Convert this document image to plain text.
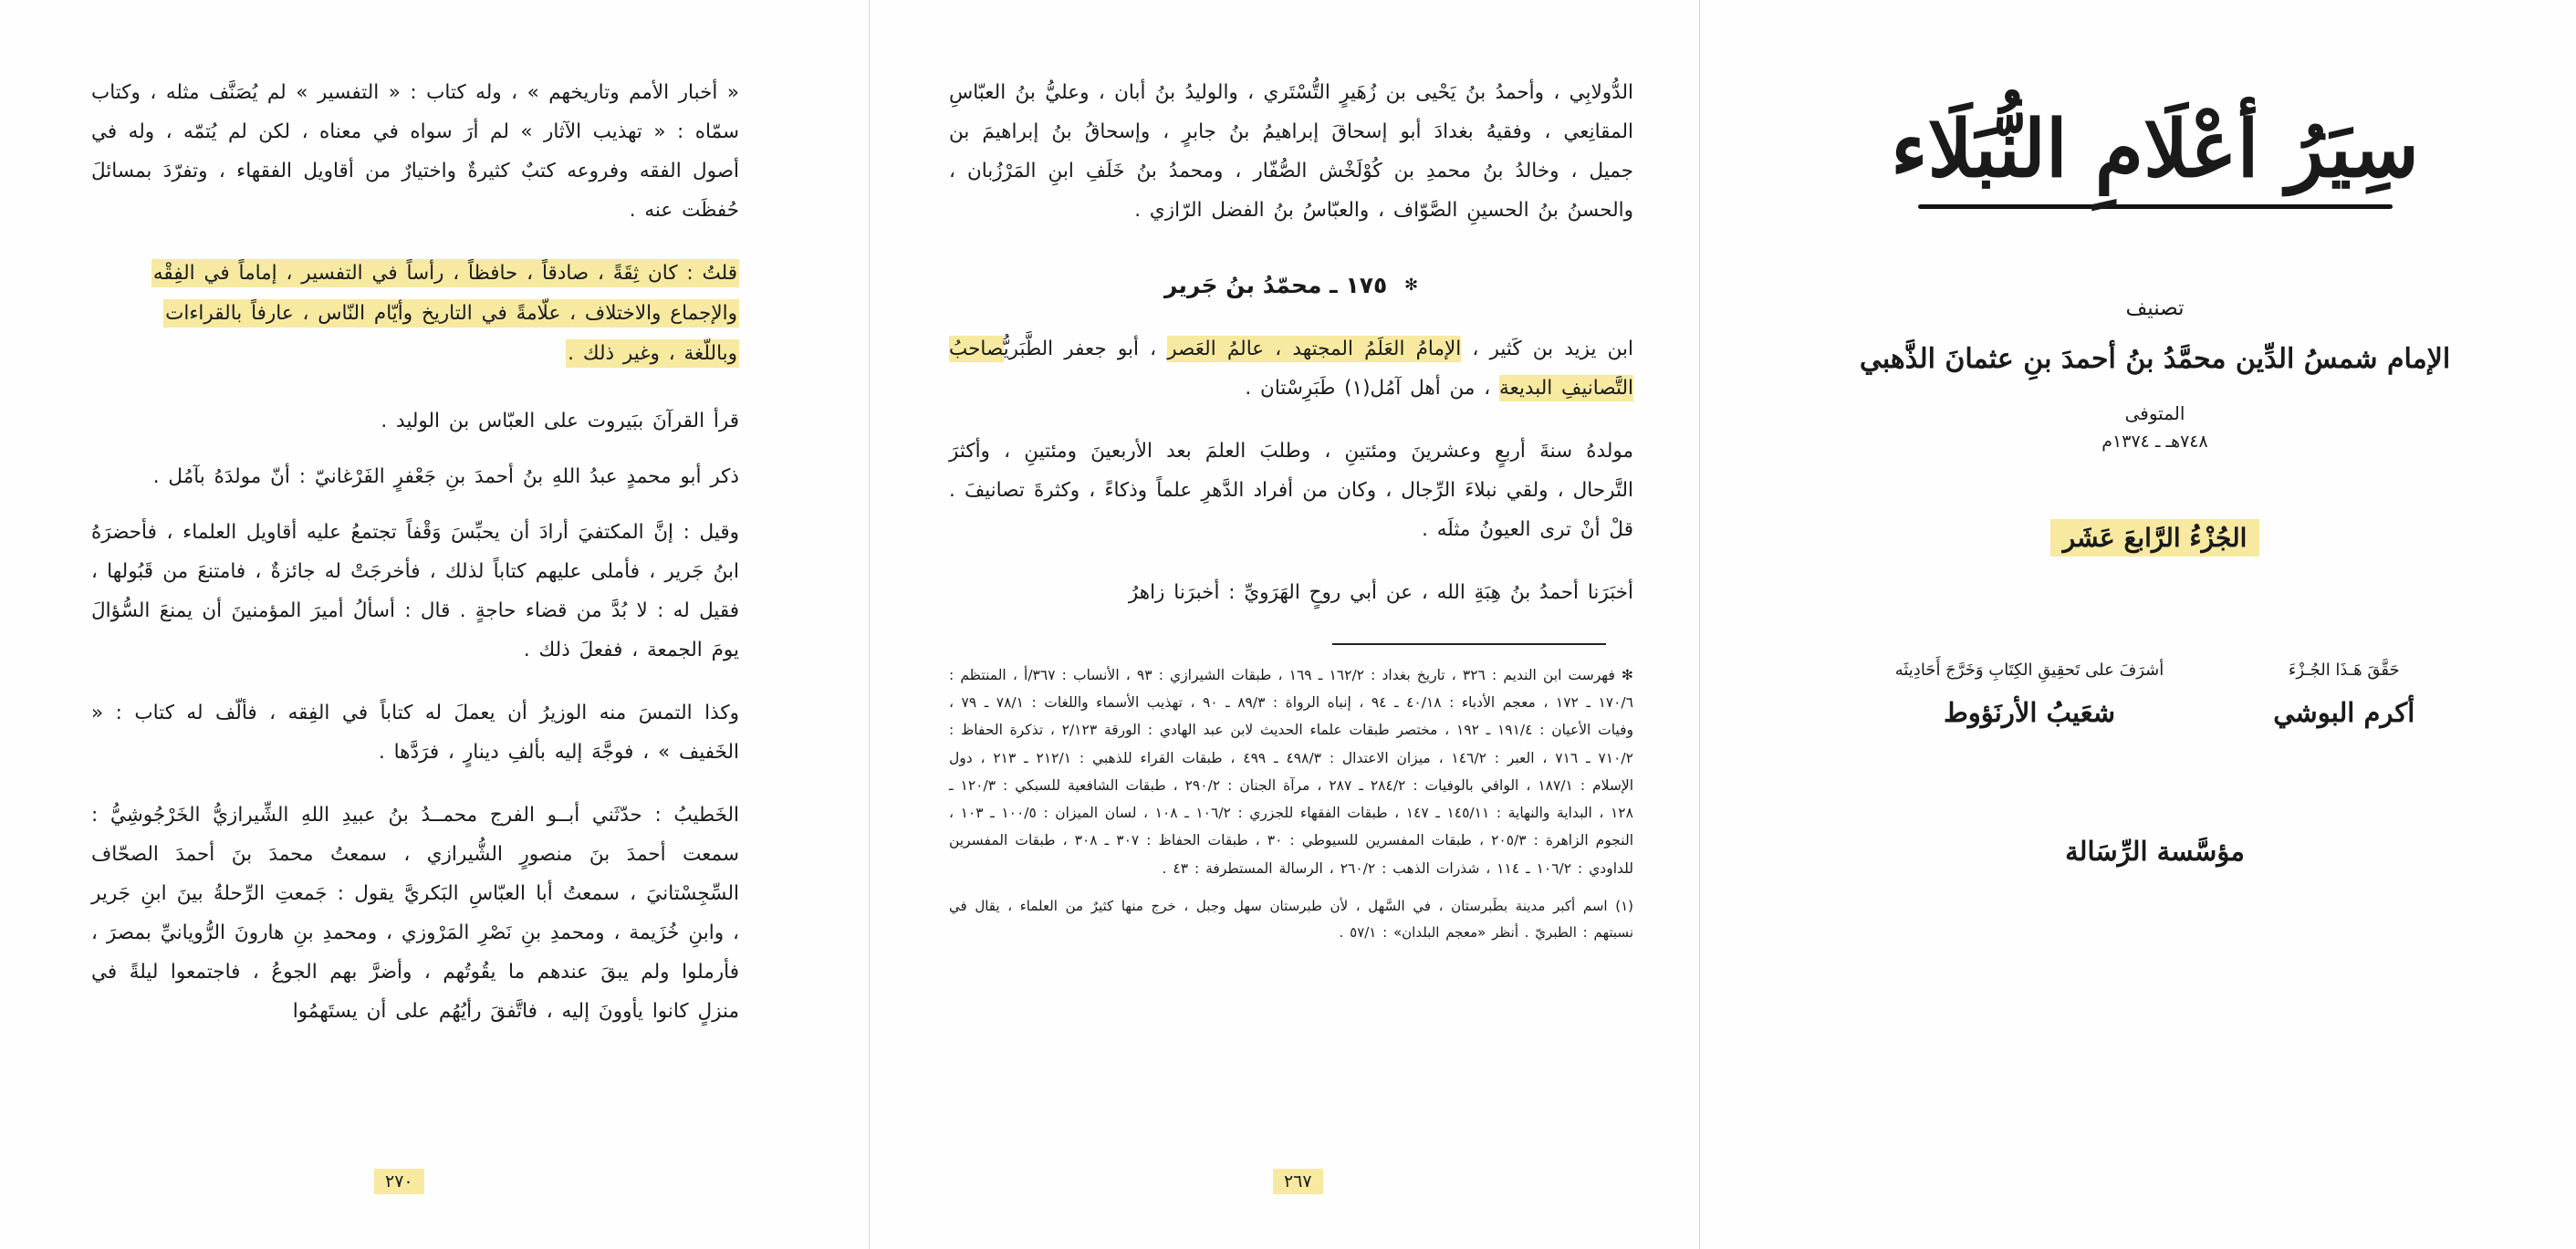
« أخبار الأمم وتاريخهم » ، وله كتاب : « التفسير » لم يُصَنَّف مثله ، وكتاب سمّاه : « تهذيب الآثار » لم أرَ سواه في معناه ، لكن لم يُتمّه ، وله في أصول الفقه وفروعه كتبٌ كثيرةٌ واختيارٌ من أقاويل الفقهاء ، وتفرّدَ بمسائلَ حُفظَت عنه .

قلتُ : كان ثِقَةً ، صادقاً ، حافظاً ، رأساً في التفسير ، إماماً في الفِقْه
والإجماع والاختلاف ، علّامةً في التاريخ وأيّام النّاس ، عارفاً بالقراءات
وباللّغة ، وغير ذلك .

قرأ القرآنَ ببَيروت على العبّاس بن الوليد .

ذكر أبو محمدٍ عبدُ اللهِ بنُ أحمدَ بنِ جَعْفرٍ الفَرْغانيّ : أنّ مولدَهُ بآمُل .

وقيل : إنَّ المكتفيَ أرادَ أن يحبِّسَ وَقْفاً تجتمعُ عليه أقاويل العلماء ، فأحضرَهُ ابنُ جَرير ، فأملى عليهم كتاباً لذلك ، فأخرجَتْ له جائزةٌ ، فامتنعَ من قَبُولها ، فقيل له : لا بُدَّ من قضاء حاجةٍ . قال : أسألُ أميرَ المؤمنينَ أن يمنعَ السُّؤالَ يومَ الجمعة ، ففعلَ ذلك .

وكذا التمسَ منه الوزيرُ أن يعملَ له كتاباً في الفِقه ، فألّف له كتاب : « الخَفيف » ، فوجَّهَ إليه بألفِ دينارٍ ، فرَدَّها .

الخَطيبُ : حدّثَني أبــو الفرج محمــدُ بنُ عبيدِ اللهِ الشِّيرازيُّ الخَرْجُوشِيُّ : سمعت أحمدَ بنَ منصورٍ الشُّيرازي ، سمعتُ محمدَ بنَ أحمدَ الصحّاف السِّجِسْتانيَ ، سمعتُ أبا العبّاسِ البَكريَّ يقول : جَمعتِ الرِّحلةُ بينَ ابنِ جَرير ، وابنِ خُزَيمة ، ومحمدِ بنِ نَصْرِ المَرْوزي ، ومحمدِ بنِ هارونَ الرُّويانيِّ بمصرَ ، فأرملوا ولم يبقَ عندهم ما يقُوتُهم ، وأضرَّ بهم الجوعُ ، فاجتمعوا ليلةً في منزلٍ كانوا يأوونَ إليه ، فاتَّفقَ رأيُهُم على أن يستَهمُوا

٢٧٠

الدُّولابِي ، وأحمدُ بنُ يَحْيى بن زُهَيرٍ التُّسْتَري ، والوليدُ بنُ أبان ، وعليُّ بنُ العبّاسِ المقانِعي ، وفقيهُ بغدادَ أبو إسحاقَ إبراهيمُ بنُ جابرٍ ، وإسحاقُ بنُ إبراهيمَ بن جميل ، وخالدُ بنُ محمدِ بن كُوْلَخْش الصُّفّار ، ومحمدُ بنُ خَلَفِ ابنِ المَرْزُبان ، والحسنُ بنُ الحسينِ الصَّوّاف ، والعبّاسُ بنُ الفضل الرّازي .

✻ ١٧٥ ـ محمّدُ بنُ جَرير

ابن يزيد بن كَثير ، الإمامُ العَلَمُ المجتهد ، عالمُ العَصر ، أبو جعفر الطَّبَريُّصاحبُ التَّصانيفِ البديعة ، من أهل آمُل(١) طَبَرِسْتان .

مولدهُ سنةَ أربعٍ وعشرينَ ومئتينِ ، وطلبَ العلمَ بعد الأربعينَ ومئتينِ ، وأكثرَ التَّرحال ، ولقي نبلاءَ الرِّجال ، وكان من أفراد الدَّهرِ علماً وذكاءً ، وكثرةَ تصانيفَ . قلْ أنْ ترى العيونُ مثلَه .

أخبَرَنا أحمدُ بنُ هِبَةِ الله ، عن أبي روحٍ الهَرَويِّ : أخبرَنا زاهرُ

✻ فهرست ابن النديم : ٣٢٦ ، تاريخ بغداد : ١٦٢/٢ ـ ١٦٩ ، طبقات الشيرازي : ٩٣ ، الأنساب : ٣٦٧/أ ، المنتظم : ١٧٠/٦ ـ ١٧٢ ، معجم الأدباء : ٤٠/١٨ ـ ٩٤ ، إنباه الرواة : ٨٩/٣ ـ ٩٠ ، تهذيب الأسماء واللغات : ٧٨/١ ـ ٧٩ ، وفيات الأعيان : ١٩١/٤ ـ ١٩٢ ، مختصر طبقات علماء الحديث لابن عبد الهادي : الورقة ٢/١٢٣ ، تذكرة الحفاظ : ٧١٠/٢ ـ ٧١٦ ، العبر : ١٤٦/٢ ، ميزان الاعتدال : ٤٩٨/٣ ـ ٤٩٩ ، طبقات القراء للذهبي : ٢١٢/١ ـ ٢١٣ ، دول الإسلام : ١٨٧/١ ، الوافي بالوفيات : ٢٨٤/٢ ـ ٢٨٧ ، مرآة الجنان : ٢٩٠/٢ ، طبقات الشافعية للسبكي : ١٢٠/٣ ـ ١٢٨ ، البداية والنهاية : ١٤٥/١١ ـ ١٤٧ ، طبقات الفقهاء للجزري : ١٠٦/٢ ـ ١٠٨ ، لسان الميزان : ١٠٠/٥ ـ ١٠٣ ، النجوم الزاهرة : ٢٠٥/٣ ، طبقات المفسرين للسيوطي : ٣٠ ، طبقات الحفاظ : ٣٠٧ ـ ٣٠٨ ، طبقات المفسرين للداودي : ١٠٦/٢ ـ ١١٤ ، شذرات الذهب : ٢٦٠/٢ ، الرسالة المستطرفة : ٤٣ .

(١) اسم أكبر مدينة بطَبرستان ، في السَّهل ، لأن طبرستان سهل وجبل ، خرج منها كثيرٌ من العلماء ، يقال في نسبتهم : الطبريّ . أنظر «معجم البلدان» : ٥٧/١ .

٢٦٧
سِيَرُ أعْلَامِ النُّبَلَاء
تصنيف
الإمام شمسُ الدِّين محمَّدُ بنُ أحمدَ بنِ عثمانَ الذَّهبي
المتوفى
٧٤٨هـ ـ ١٣٧٤م
الجُزْءُ الرَّابعَ عَشَر
حَقَّقَ هَـذَا الجُـزْءَ
أكرم البوشي
أشرَفَ على تَحقِيقِ الكِتَابِ وَخَرَّجَ أَحَادِيثَه
شعَيبُ الأرنَؤوط
مؤسَّسة الرِّسَالة
